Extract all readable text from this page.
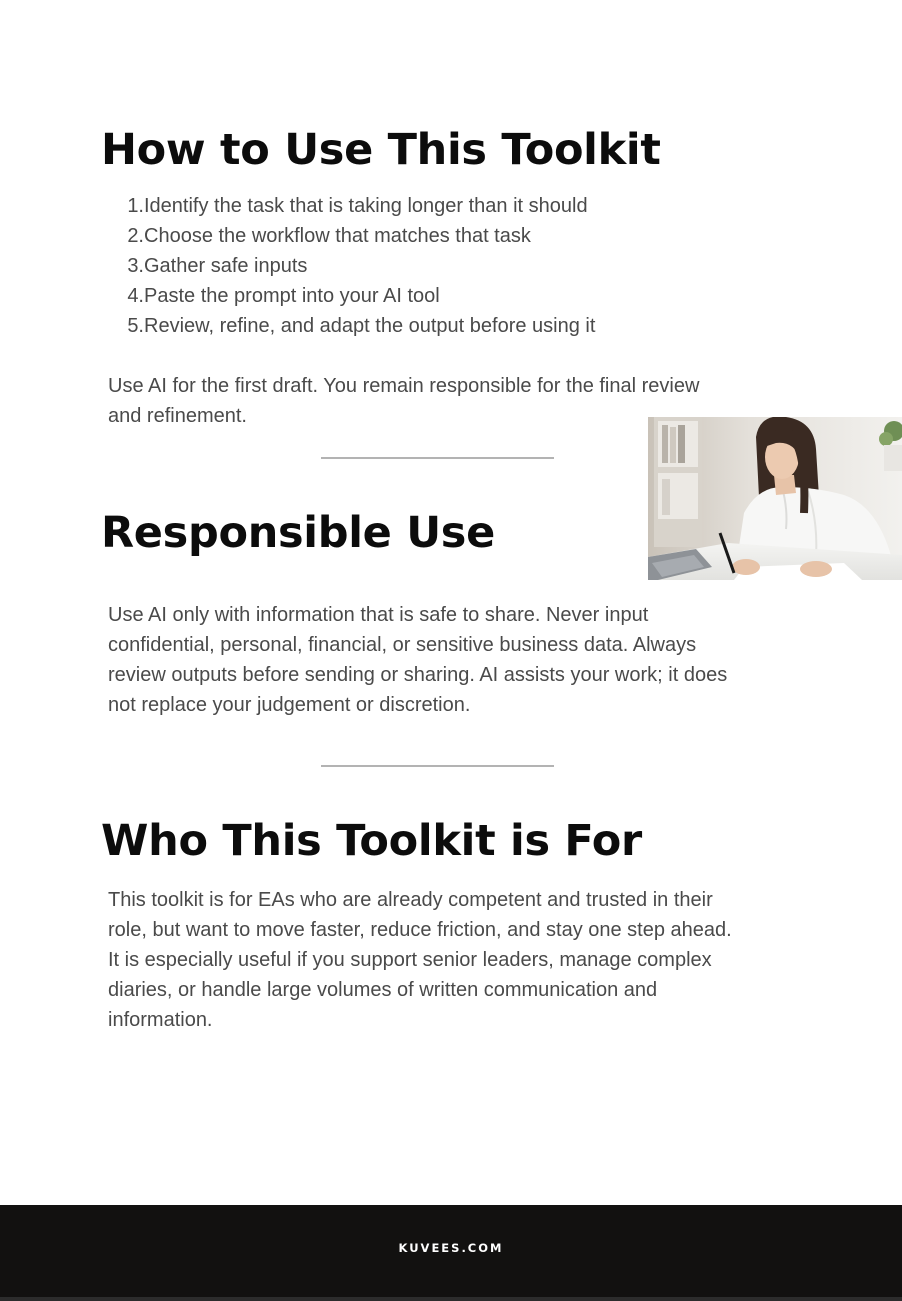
How to Use This Toolkit
1. Identify the task that is taking longer than it should
2. Choose the workflow that matches that task
3. Gather safe inputs
4. Paste the prompt into your AI tool
5. Review, refine, and adapt the output before using it

Use AI for the first draft. You remain responsible for the final review
and refinement.

Responsible Use

Use AI only with information that is safe to share. Never input
confidential, personal, financial, or sensitive business data. Always
review outputs before sending or sharing. AI assists your work; it does
not replace your judgement or discretion.

Who This Toolkit is For

This toolkit is for EAs who are already competent and trusted in their
role, but want to move faster, reduce friction, and stay one step ahead.
It is especially useful if you support senior leaders, manage complex
diaries, or handle large volumes of written communication and
information.

KUVEES.COM
